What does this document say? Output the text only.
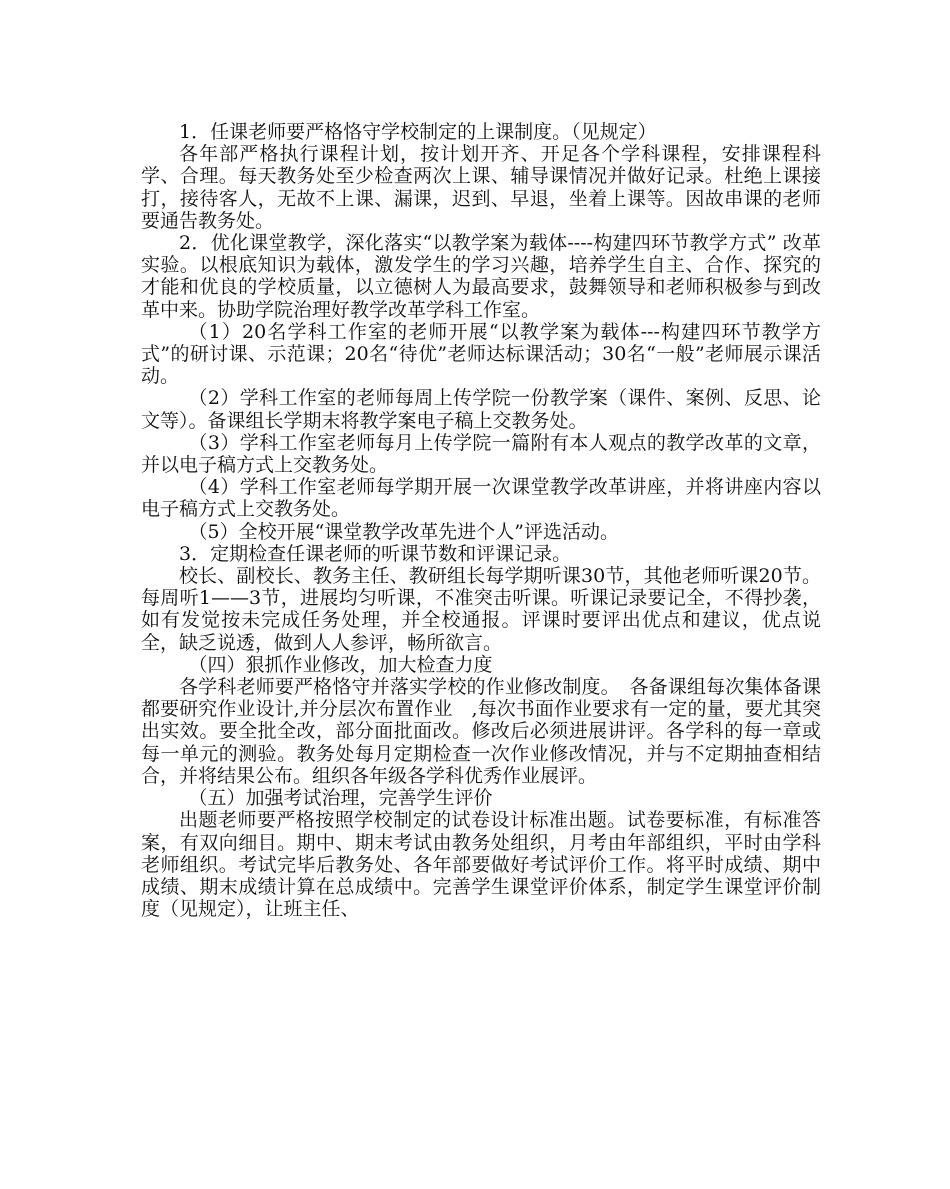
1．任课老师要严格恪守学校制定的上课制度。（见规定）

各年部严格执行课程计划，按计划开齐、开足各个学科课程，安排课程科学、合理。每天教务处至少检查两次上课、辅导课情况并做好记录。杜绝上课接打，接待客人，无故不上课、漏课，迟到、早退，坐着上课等。因故串课的老师要通告教务处。

2．优化课堂教学，深化落实“以教学案为载体----构建四环节教学方式” 改革实验。以根底知识为载体，激发学生的学习兴趣，培养学生自主、合作、探究的才能和优良的学校质量，以立德树人为最高要求，鼓舞领导和老师积极参与到改革中来。协助学院治理好教学改革学科工作室。

（1）20名学科工作室的老师开展“以教学案为载体---构建四环节教学方式”的研讨课、示范课；20名“待优”老师达标课活动；30名“一般”老师展示课活动。

（2）学科工作室的老师每周上传学院一份教学案（课件、案例、反思、论文等）。备课组长学期末将教学案电子稿上交教务处。

（3）学科工作室老师每月上传学院一篇附有本人观点的教学改革的文章，并以电子稿方式上交教务处。

（4）学科工作室老师每学期开展一次课堂教学改革讲座，并将讲座内容以电子稿方式上交教务处。

（5）全校开展“课堂教学改革先进个人”评选活动。

3．定期检查任课老师的听课节数和评课记录。

校长、副校长、教务主任、教研组长每学期听课30节，其他老师听课20节。每周听1——3节，进展均匀听课，不准突击听课。听课记录要记全，不得抄袭，如有发觉按未完成任务处理，并全校通报。评课时要评出优点和建议，优点说全，缺乏说透，做到人人参评，畅所欲言。

（四）狠抓作业修改，加大检查力度

各学科老师要严格恪守并落实学校的作业修改制度。　各备课组每次集体备课都要研究作业设计,并分层次布置作业　,每次书面作业要求有一定的量，要尤其突出实效。要全批全改，部分面批面改。修改后必须进展讲评。各学科的每一章或每一单元的测验。教务处每月定期检查一次作业修改情况，并与不定期抽查相结合，并将结果公布。组织各年级各学科优秀作业展评。

（五）加强考试治理，完善学生评价

出题老师要严格按照学校制定的试卷设计标准出题。试卷要标准，有标准答案，有双向细目。期中、期末考试由教务处组织，月考由年部组织，平时由学科老师组织。考试完毕后教务处、各年部要做好考试评价工作。将平时成绩、期中成绩、期末成绩计算在总成绩中。完善学生课堂评价体系，制定学生课堂评价制度（见规定），让班主任、
